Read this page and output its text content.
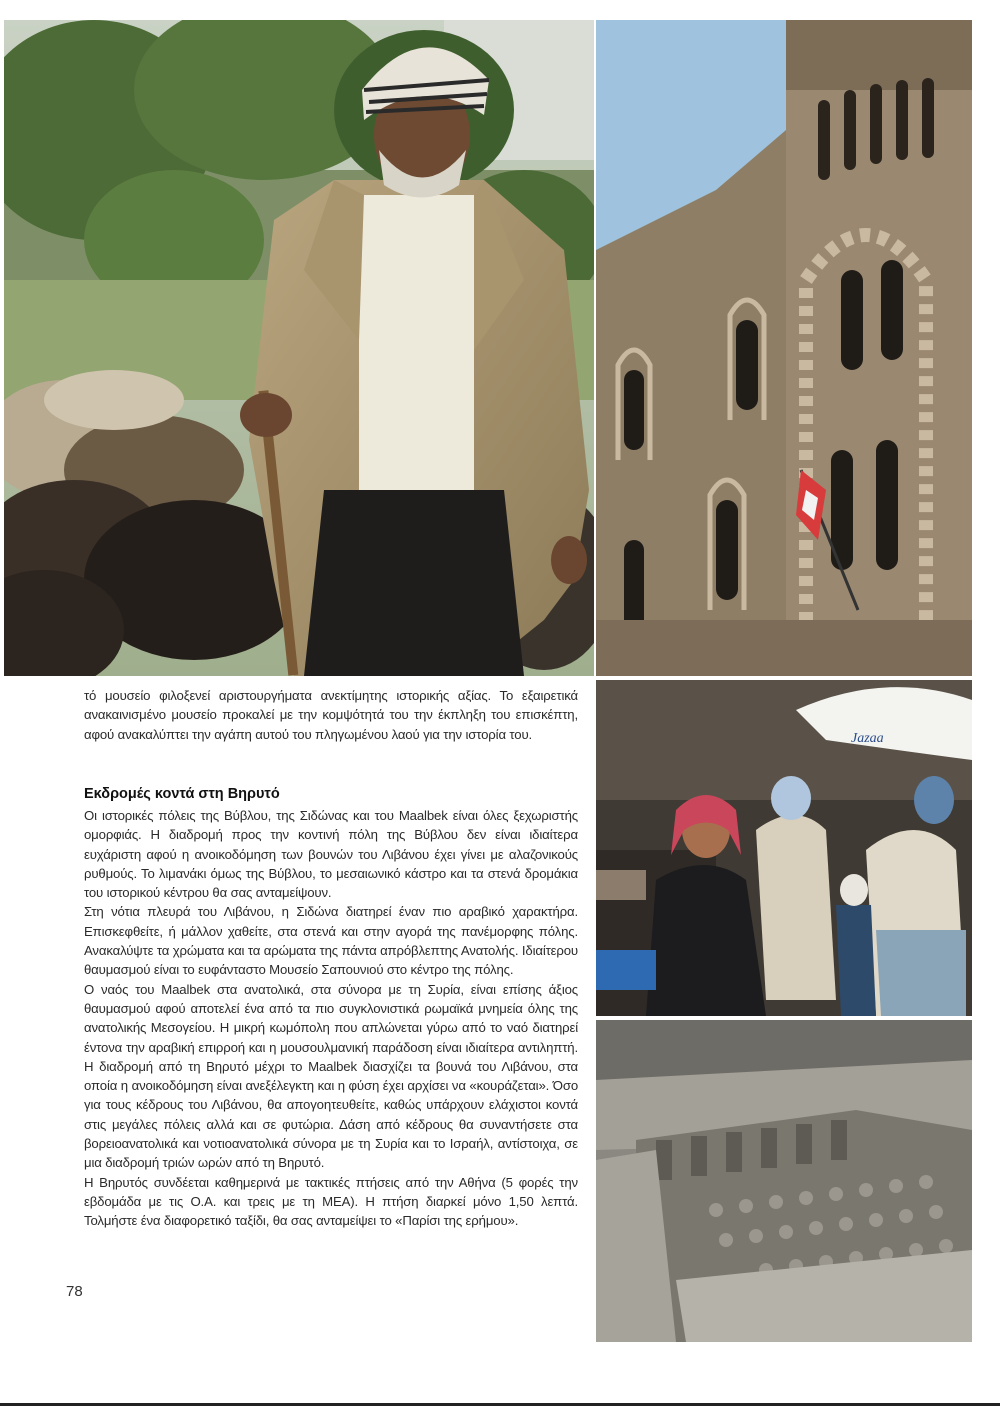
Jazaa

τό μουσείο φιλοξενεί αριστουργήματα ανεκτίμητης ιστορικής αξίας. Το εξαιρετικά ανακαινισμένο μουσείο προκαλεί με την κομψότητά του την έκπληξη του επισκέπτη, αφού ανακαλύπτει την αγάπη αυτού του πληγωμένου λαού για την ιστορία του.

Εκδρομές κοντά στη Βηρυτό

Οι ιστορικές πόλεις της Βύβλου, της Σιδώνας και του Maalbek είναι όλες ξεχωριστής ομορφιάς. Η διαδρομή προς την κοντινή πόλη της Βύβλου δεν είναι ιδιαίτερα ευχάριστη αφού η ανοικοδόμηση των βουνών του Λιβάνου έχει γίνει με αλαζονικούς ρυθμούς. Το λιμανάκι όμως της Βύβλου, το μεσαιωνικό κάστρο και τα στενά δρομάκια του ιστορικού κέντρου θα σας ανταμείψουν.

Στη νότια πλευρά του Λιβάνου, η Σιδώνα διατηρεί έναν πιο αραβικό χαρακτήρα. Επισκεφθείτε, ή μάλλον χαθείτε, στα στενά και στην αγορά της πανέμορφης πόλης. Ανακαλύψτε τα χρώματα και τα αρώματα της πάντα απρόβλεπτης Ανατολής. Ιδιαίτερου θαυμασμού είναι το ευφάνταστο Μουσείο Σαπουνιού στο κέντρο της πόλης.

Ο ναός του Maalbek στα ανατολικά, στα σύνορα με τη Συρία, είναι επίσης άξιος θαυμασμού αφού αποτελεί ένα από τα πιο συγκλονιστικά ρωμαϊκά μνημεία όλης της ανατολικής Μεσογείου. Η μικρή κωμόπολη που απλώνεται γύρω από το ναό διατηρεί έντονα την αραβική επιρροή και η μουσουλμανική παράδοση είναι ιδιαίτερα αντιληπτή. Η διαδρομή από τη Βηρυτό μέχρι το Maalbek διασχίζει τα βουνά του Λιβάνου, στα οποία η ανοικοδόμηση είναι ανεξέλεγκτη και η φύση έχει αρχίσει να «κουράζεται». Όσο για τους κέδρους του Λιβάνου, θα απογοητευθείτε, καθώς υπάρχουν ελάχιστοι κοντά στις μεγάλες πόλεις αλλά και σε φυτώρια. Δάση από κέδρους θα συναντήσετε στα βορειοανατολικά και νοτιοανατολικά σύνορα με τη Συρία και το Ισραήλ, αντίστοιχα, σε μια διαδρομή τριών ωρών από τη Βηρυτό.

Η Βηρυτός συνδέεται καθημερινά με τακτικές πτήσεις από την Αθήνα (5 φορές την εβδομάδα με τις Ο.Α. και τρεις με τη ΜΕΑ). Η πτήση διαρκεί μόνο 1,50 λεπτά. Τολμήστε ένα διαφορετικό ταξίδι, θα σας ανταμείψει το «Παρίσι της ερήμου».

78
